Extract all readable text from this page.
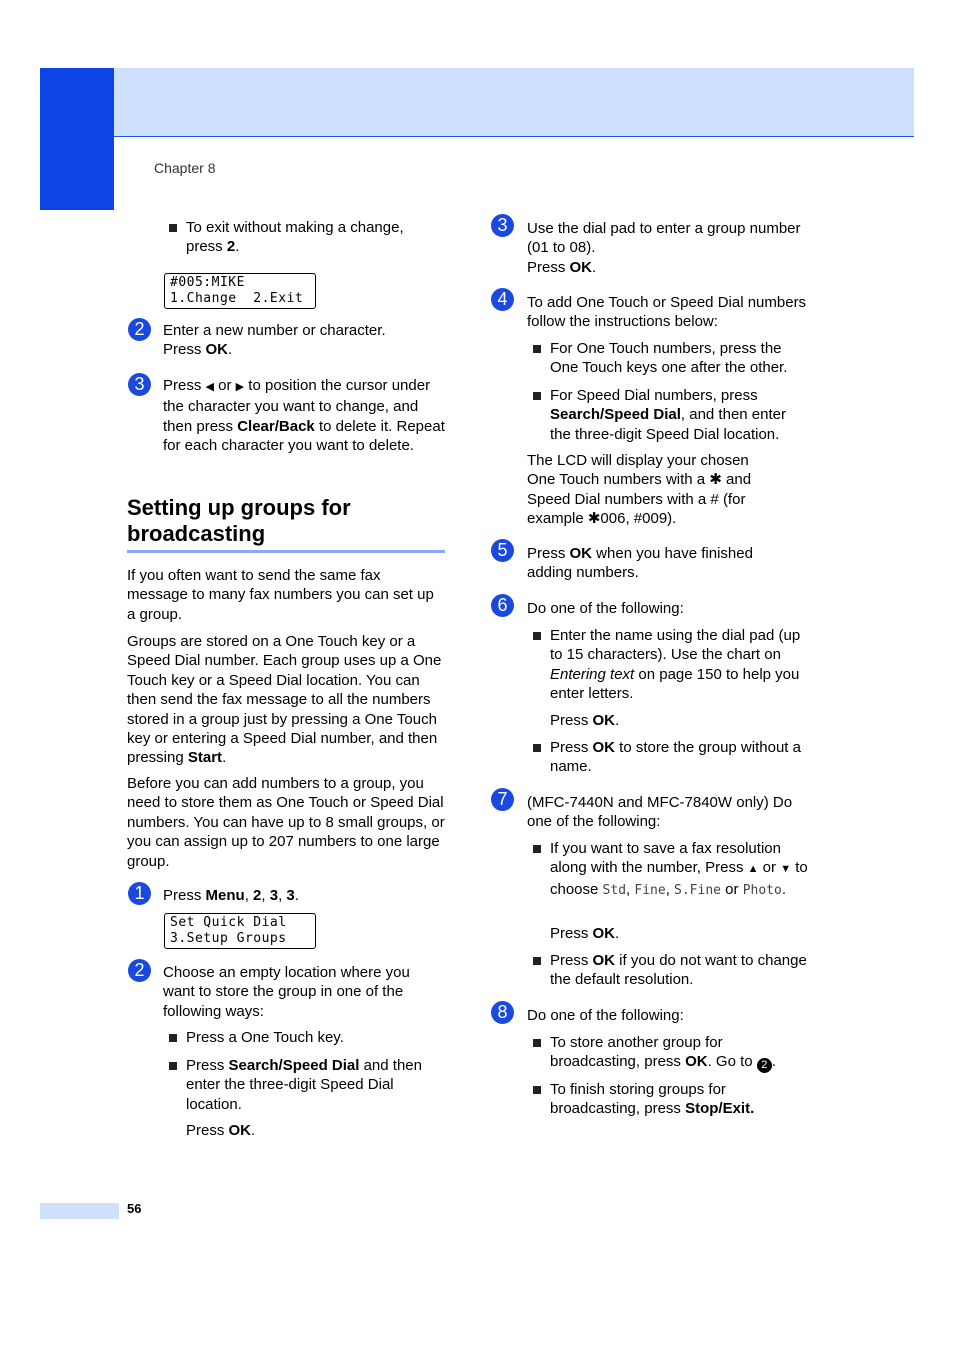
Chapter 8

To exit without making a change, press 2.

#005:MIKE
1.Change  2.Exit
2	Enter a new number or character.
Press OK.

3	Press ◀ or ▶ to position the cursor under the character you want to change, and then press Clear/Back to delete it. Repeat for each character you want to delete.

Setting up groups for broadcasting

If you often want to send the same fax message to many fax numbers you can set up a group.

Groups are stored on a One Touch key or a Speed Dial number. Each group uses up a One Touch key or a Speed Dial location. You can then send the fax message to all the numbers stored in a group just by pressing a One Touch key or entering a Speed Dial number, and then pressing Start.

Before you can add numbers to a group, you need to store them as One Touch or Speed Dial numbers. You can have up to 8 small groups, or you can assign up to 207 numbers to one large group.

1	Press Menu, 2, 3, 3.

Set Quick Dial
3.Setup Groups
2	Choose an empty location where you want to store the group in one of the following ways:

Press a One Touch key.

Press Search/Speed Dial and then enter the three-digit Speed Dial location.

Press OK.

3	Use the dial pad to enter a group number (01 to 08).
Press OK.

4	To add One Touch or Speed Dial numbers follow the instructions below:

For One Touch numbers, press the One Touch keys one after the other.

For Speed Dial numbers, press Search/Speed Dial, and then enter the three-digit Speed Dial location.

The LCD will display your chosen One Touch numbers with a ✱ and Speed Dial numbers with a # (for example ✱006, #009).

5	Press OK when you have finished adding numbers.

6	Do one of the following:

Enter the name using the dial pad (up to 15 characters). Use the chart on Entering text on page 150 to help you enter letters.

Press OK.

Press OK to store the group without a name.

7	(MFC-7440N and MFC-7840W only) Do one of the following:

If you want to save a fax resolution along with the number, Press ▲ or ▼ to choose Std, Fine, S.Fine or Photo.

Press OK.

Press OK if you do not want to change the default resolution.

8	Do one of the following:

To store another group for broadcasting, press OK. Go to 2 .

To finish storing groups for broadcasting, press Stop/Exit.

56
